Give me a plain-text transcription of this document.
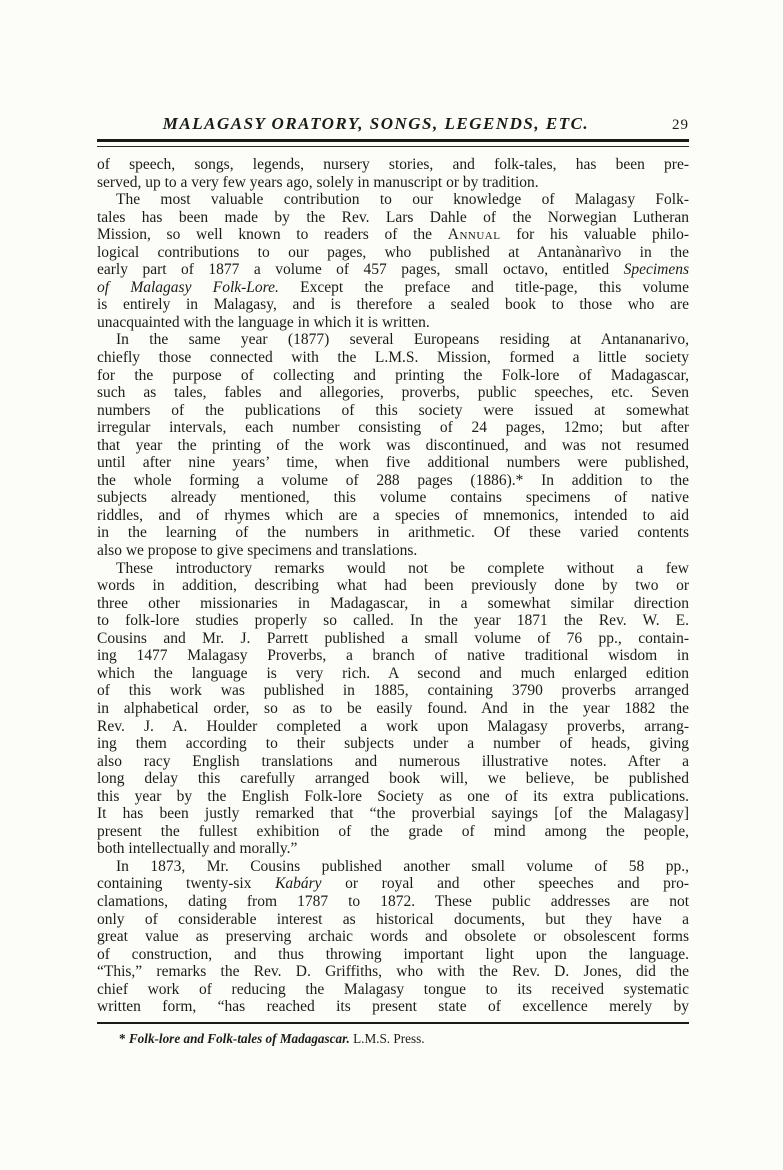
MALAGASY ORATORY, SONGS, LEGENDS, ETC.	29
of speech, songs, legends, nursery stories, and folk-tales, has been pre-
served, up to a very few years ago, solely in manuscript or by tradition.
The most valuable contribution to our knowledge of Malagasy Folk-
tales has been made by the Rev. Lars Dahle of the Norwegian Lutheran
Mission, so well known to readers of the Annual for his valuable philo-
logical contributions to our pages, who published at Antanànarìvo in the
early part of 1877 a volume of 457 pages, small octavo, entitled Specimens
of Malagasy Folk-Lore. Except the preface and title-page, this volume
is entirely in Malagasy, and is therefore a sealed book to those who are
unacquainted with the language in which it is written.
In the same year (1877) several Europeans residing at Antananarivo,
chiefly those connected with the L.M.S. Mission, formed a little society
for the purpose of collecting and printing the Folk-lore of Madagascar,
such as tales, fables and allegories, proverbs, public speeches, etc. Seven
numbers of the publications of this society were issued at somewhat
irregular intervals, each number consisting of 24 pages, 12mo; but after
that year the printing of the work was discontinued, and was not resumed
until after nine years’ time, when five additional numbers were published,
the whole forming a volume of 288 pages (1886).* In addition to the
subjects already mentioned, this volume contains specimens of native
riddles, and of rhymes which are a species of mnemonics, intended to aid
in the learning of the numbers in arithmetic. Of these varied contents
also we propose to give specimens and translations.
These introductory remarks would not be complete without a few
words in addition, describing what had been previously done by two or
three other missionaries in Madagascar, in a somewhat similar direction
to folk-lore studies properly so called. In the year 1871 the Rev. W. E.
Cousins and Mr. J. Parrett published a small volume of 76 pp., contain-
ing 1477 Malagasy Proverbs, a branch of native traditional wisdom in
which the language is very rich. A second and much enlarged edition
of this work was published in 1885, containing 3790 proverbs arranged
in alphabetical order, so as to be easily found. And in the year 1882 the
Rev. J. A. Houlder completed a work upon Malagasy proverbs, arrang-
ing them according to their subjects under a number of heads, giving
also racy English translations and numerous illustrative notes. After a
long delay this carefully arranged book will, we believe, be published
this year by the English Folk-lore Society as one of its extra publications.
It has been justly remarked that “the proverbial sayings [of the Malagasy]
present the fullest exhibition of the grade of mind among the people,
both intellectually and morally.”
In 1873, Mr. Cousins published another small volume of 58 pp.,
containing twenty-six Kabáry or royal and other speeches and pro-
clamations, dating from 1787 to 1872. These public addresses are not
only of considerable interest as historical documents, but they have a
great value as preserving archaic words and obsolete or obsolescent forms
of construction, and thus throwing important light upon the language.
“This,” remarks the Rev. D. Griffiths, who with the Rev. D. Jones, did the
chief work of reducing the Malagasy tongue to its received systematic
written form, “has reached its present state of excellence merely by
* Folk-lore and Folk-tales of Madagascar. L.M.S. Press.
